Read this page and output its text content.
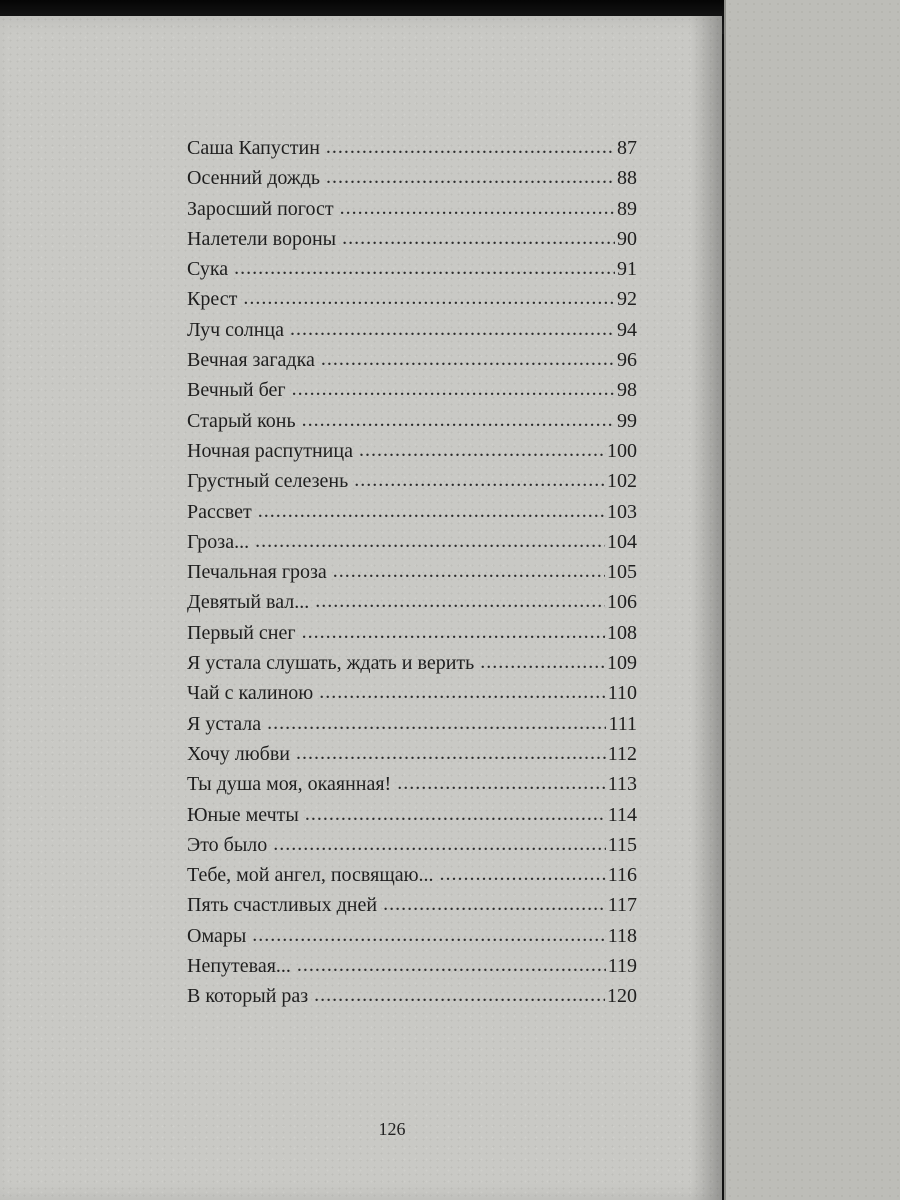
Саша Капустин .....	87
Осенний дождь .....	88
Заросший погост .....	89
Налетели вороны .....	90
Сука .....	91
Крест .....	92
Луч солнца .....	94
Вечная загадка .....	96
Вечный бег .....	98
Старый конь .....	99
Ночная распутница .....	100
Грустный селезень .....	102
Рассвет .....	103
Гроза... .....	104
Печальная гроза .....	105
Девятый вал... .....	106
Первый снег .....	108
Я устала слушать, ждать и верить .....	109
Чай с калиною .....	110
Я устала .....	111
Хочу любви .....	112
Ты душа моя, окаянная! .....	113
Юные мечты .....	114
Это было .....	115
Тебе, мой ангел, посвящаю... .....	116
Пять счастливых дней .....	117
Омары .....	118
Непутевая... .....	119
В который раз .....	120
126
